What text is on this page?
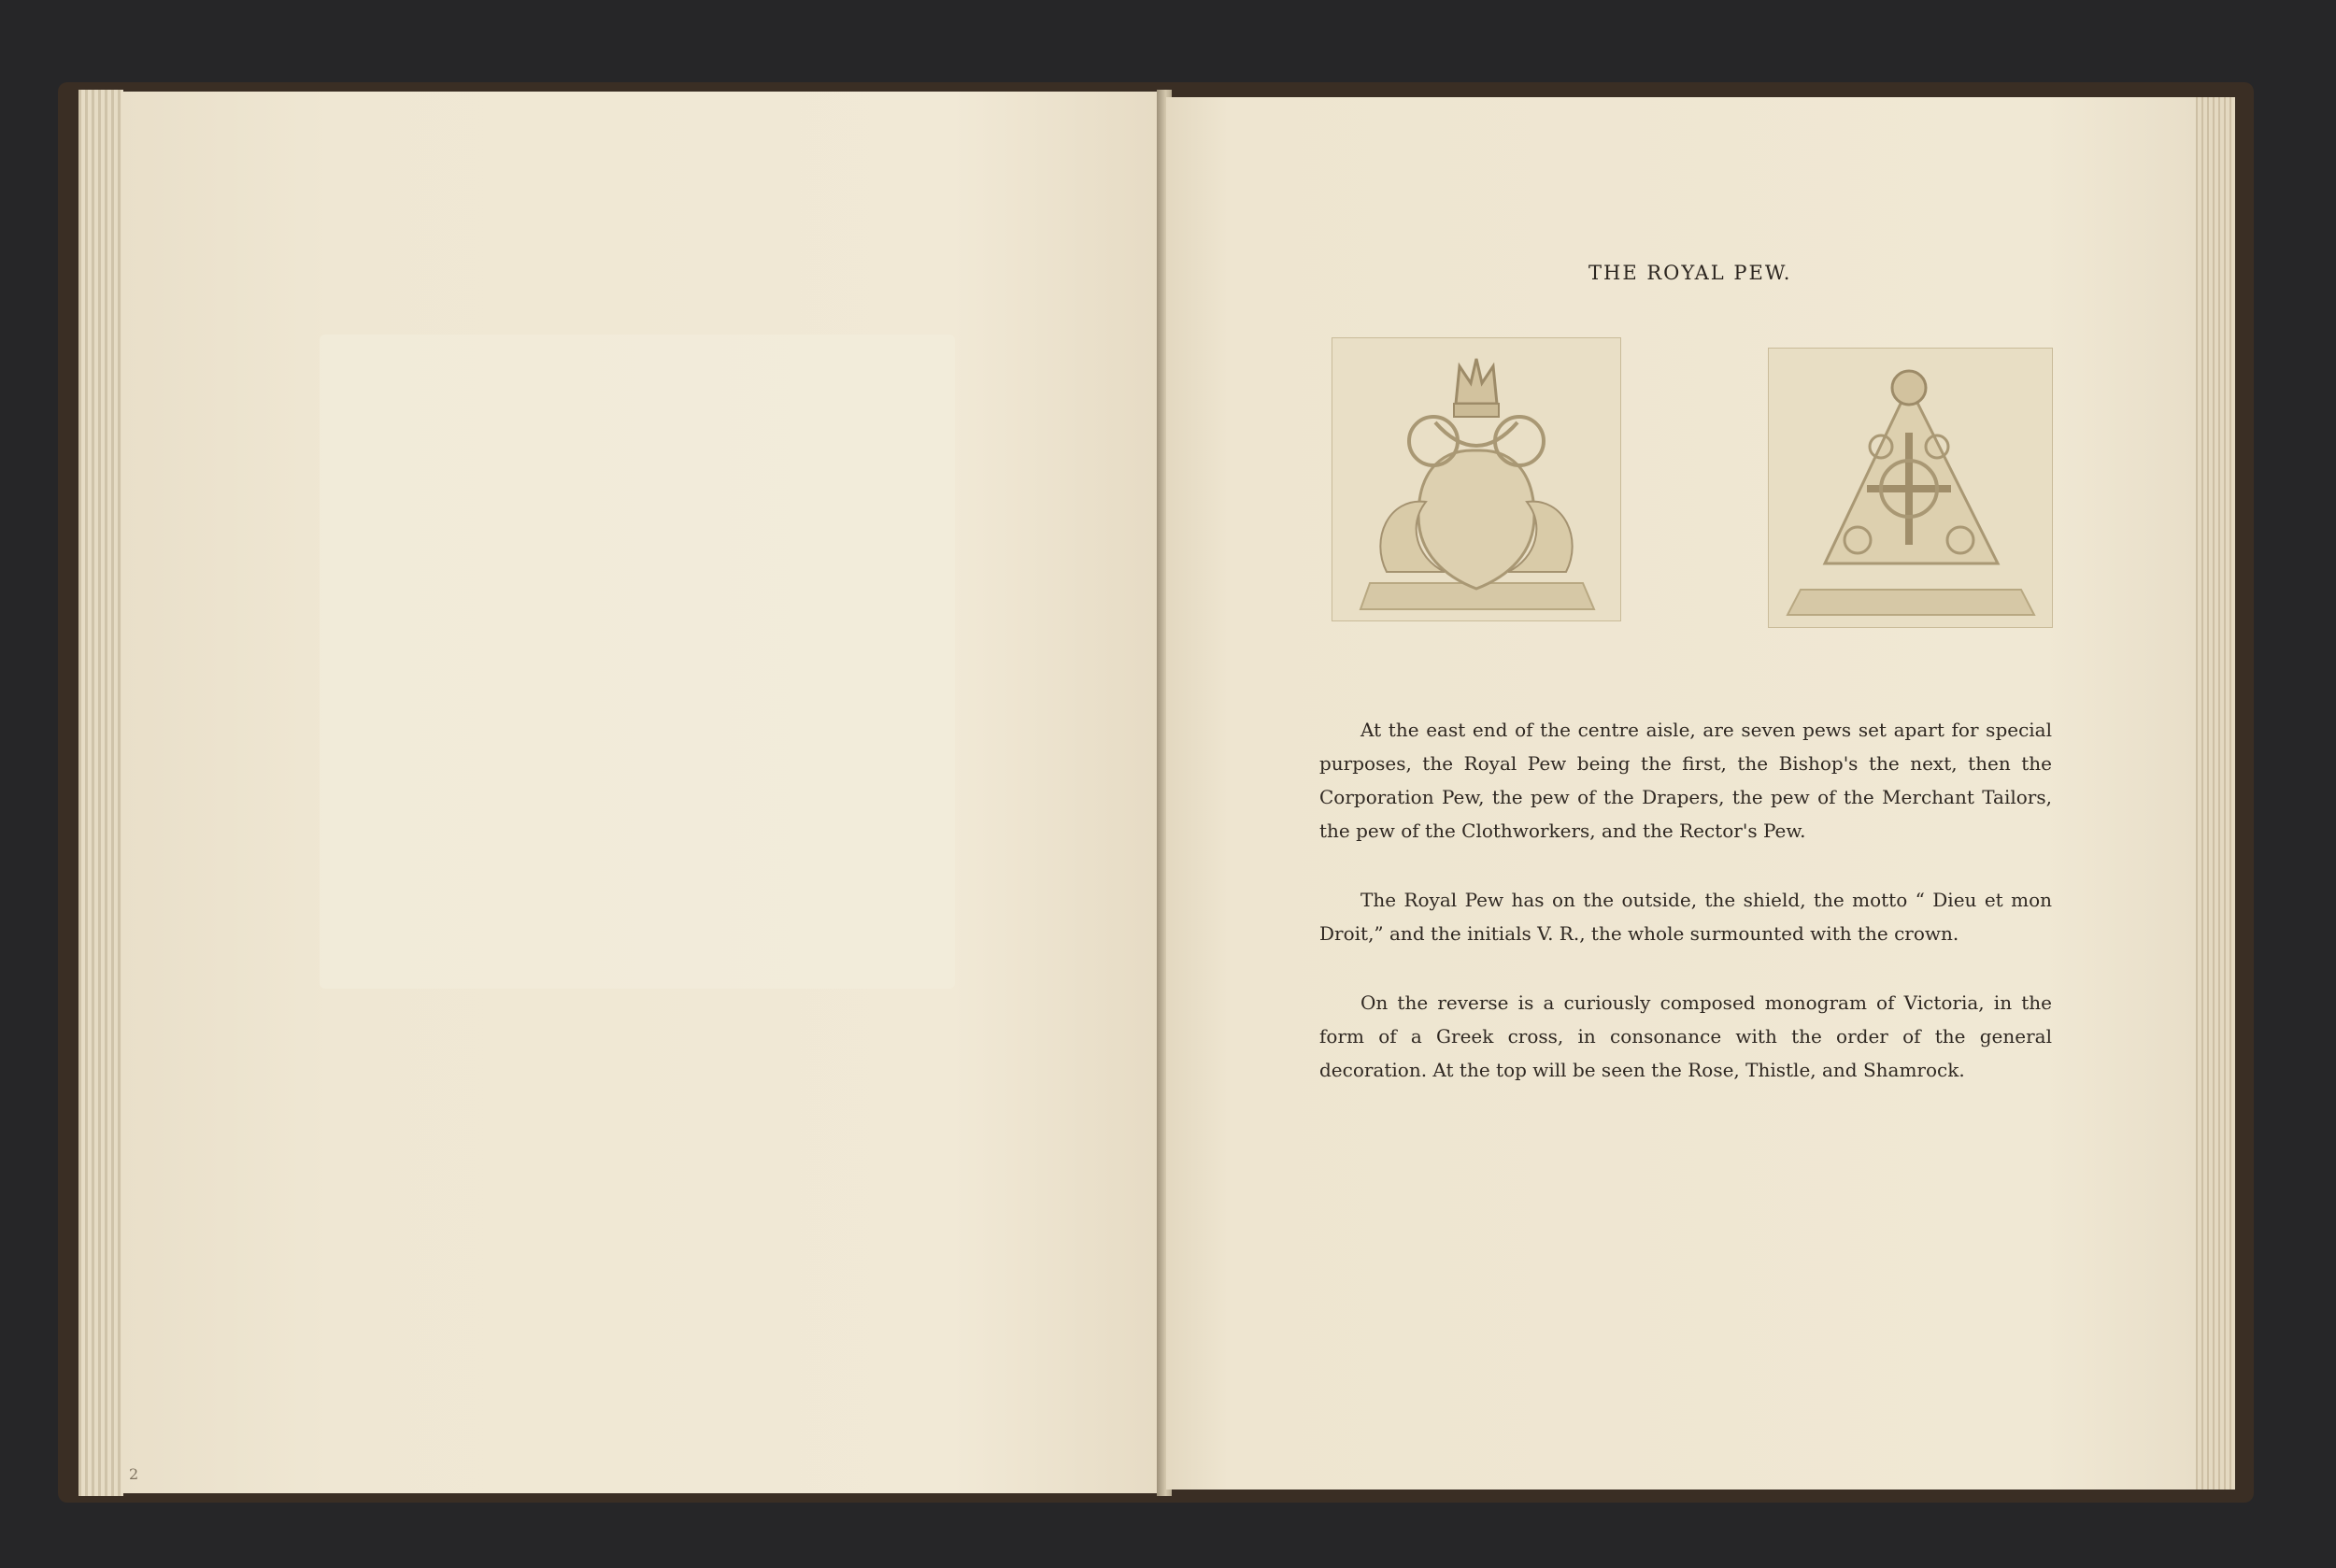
2
THE ROYAL PEW.

At the east end of the centre aisle, are seven pews set apart for special purposes, the Royal Pew being the first, the Bishop's the next, then the Corporation Pew, the pew of the Drapers, the pew of the Merchant Tailors, the pew of the Clothworkers, and the Rector's Pew.

The Royal Pew has on the outside, the shield, the motto “ Dieu et mon Droit,” and the initials V. R., the whole surmounted with the crown.

On the reverse is a curiously composed monogram of Victoria, in the form of a Greek cross, in consonance with the order of the general decoration. At the top will be seen the Rose, Thistle, and Shamrock.
